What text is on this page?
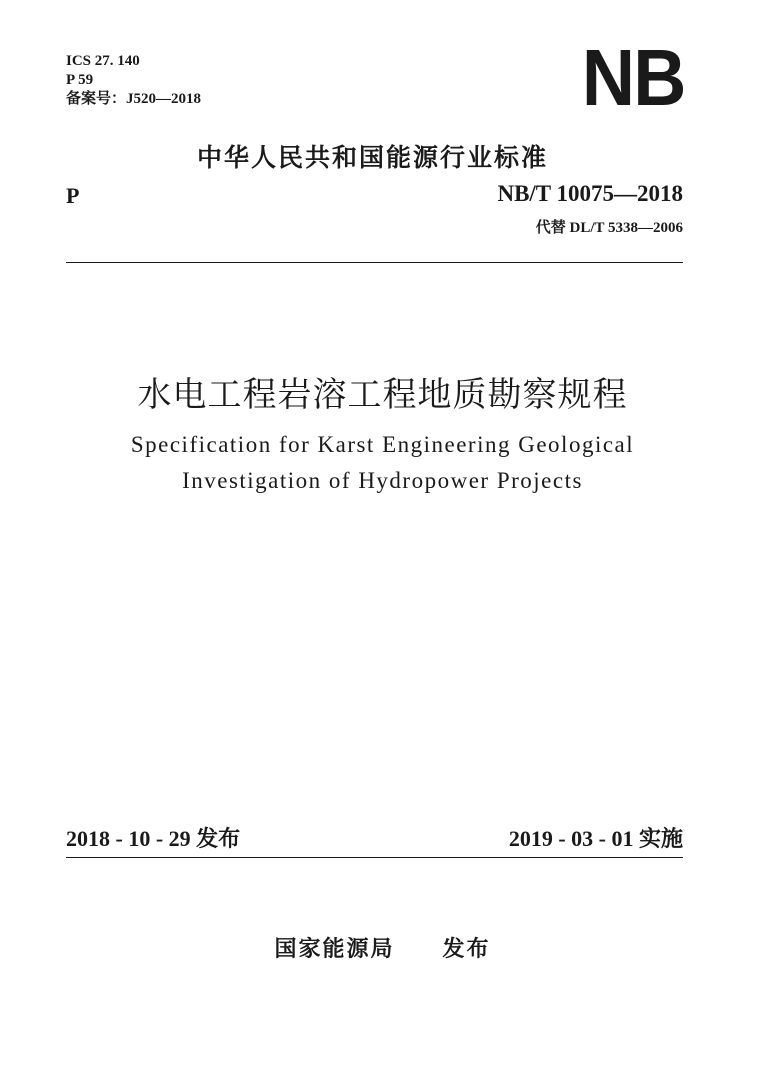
ICS 27. 140
P 59
备案号：J520—2018	NB
中华人民共和国能源行业标准
P	NB/T 10075—2018
代替 DL/T 5338—2006
水电工程岩溶工程地质勘察规程
Specification for Karst Engineering Geological
Investigation of Hydropower Projects
2018 - 10 - 29 发布	2019 - 03 - 01 实施
国家能源局　　发布
